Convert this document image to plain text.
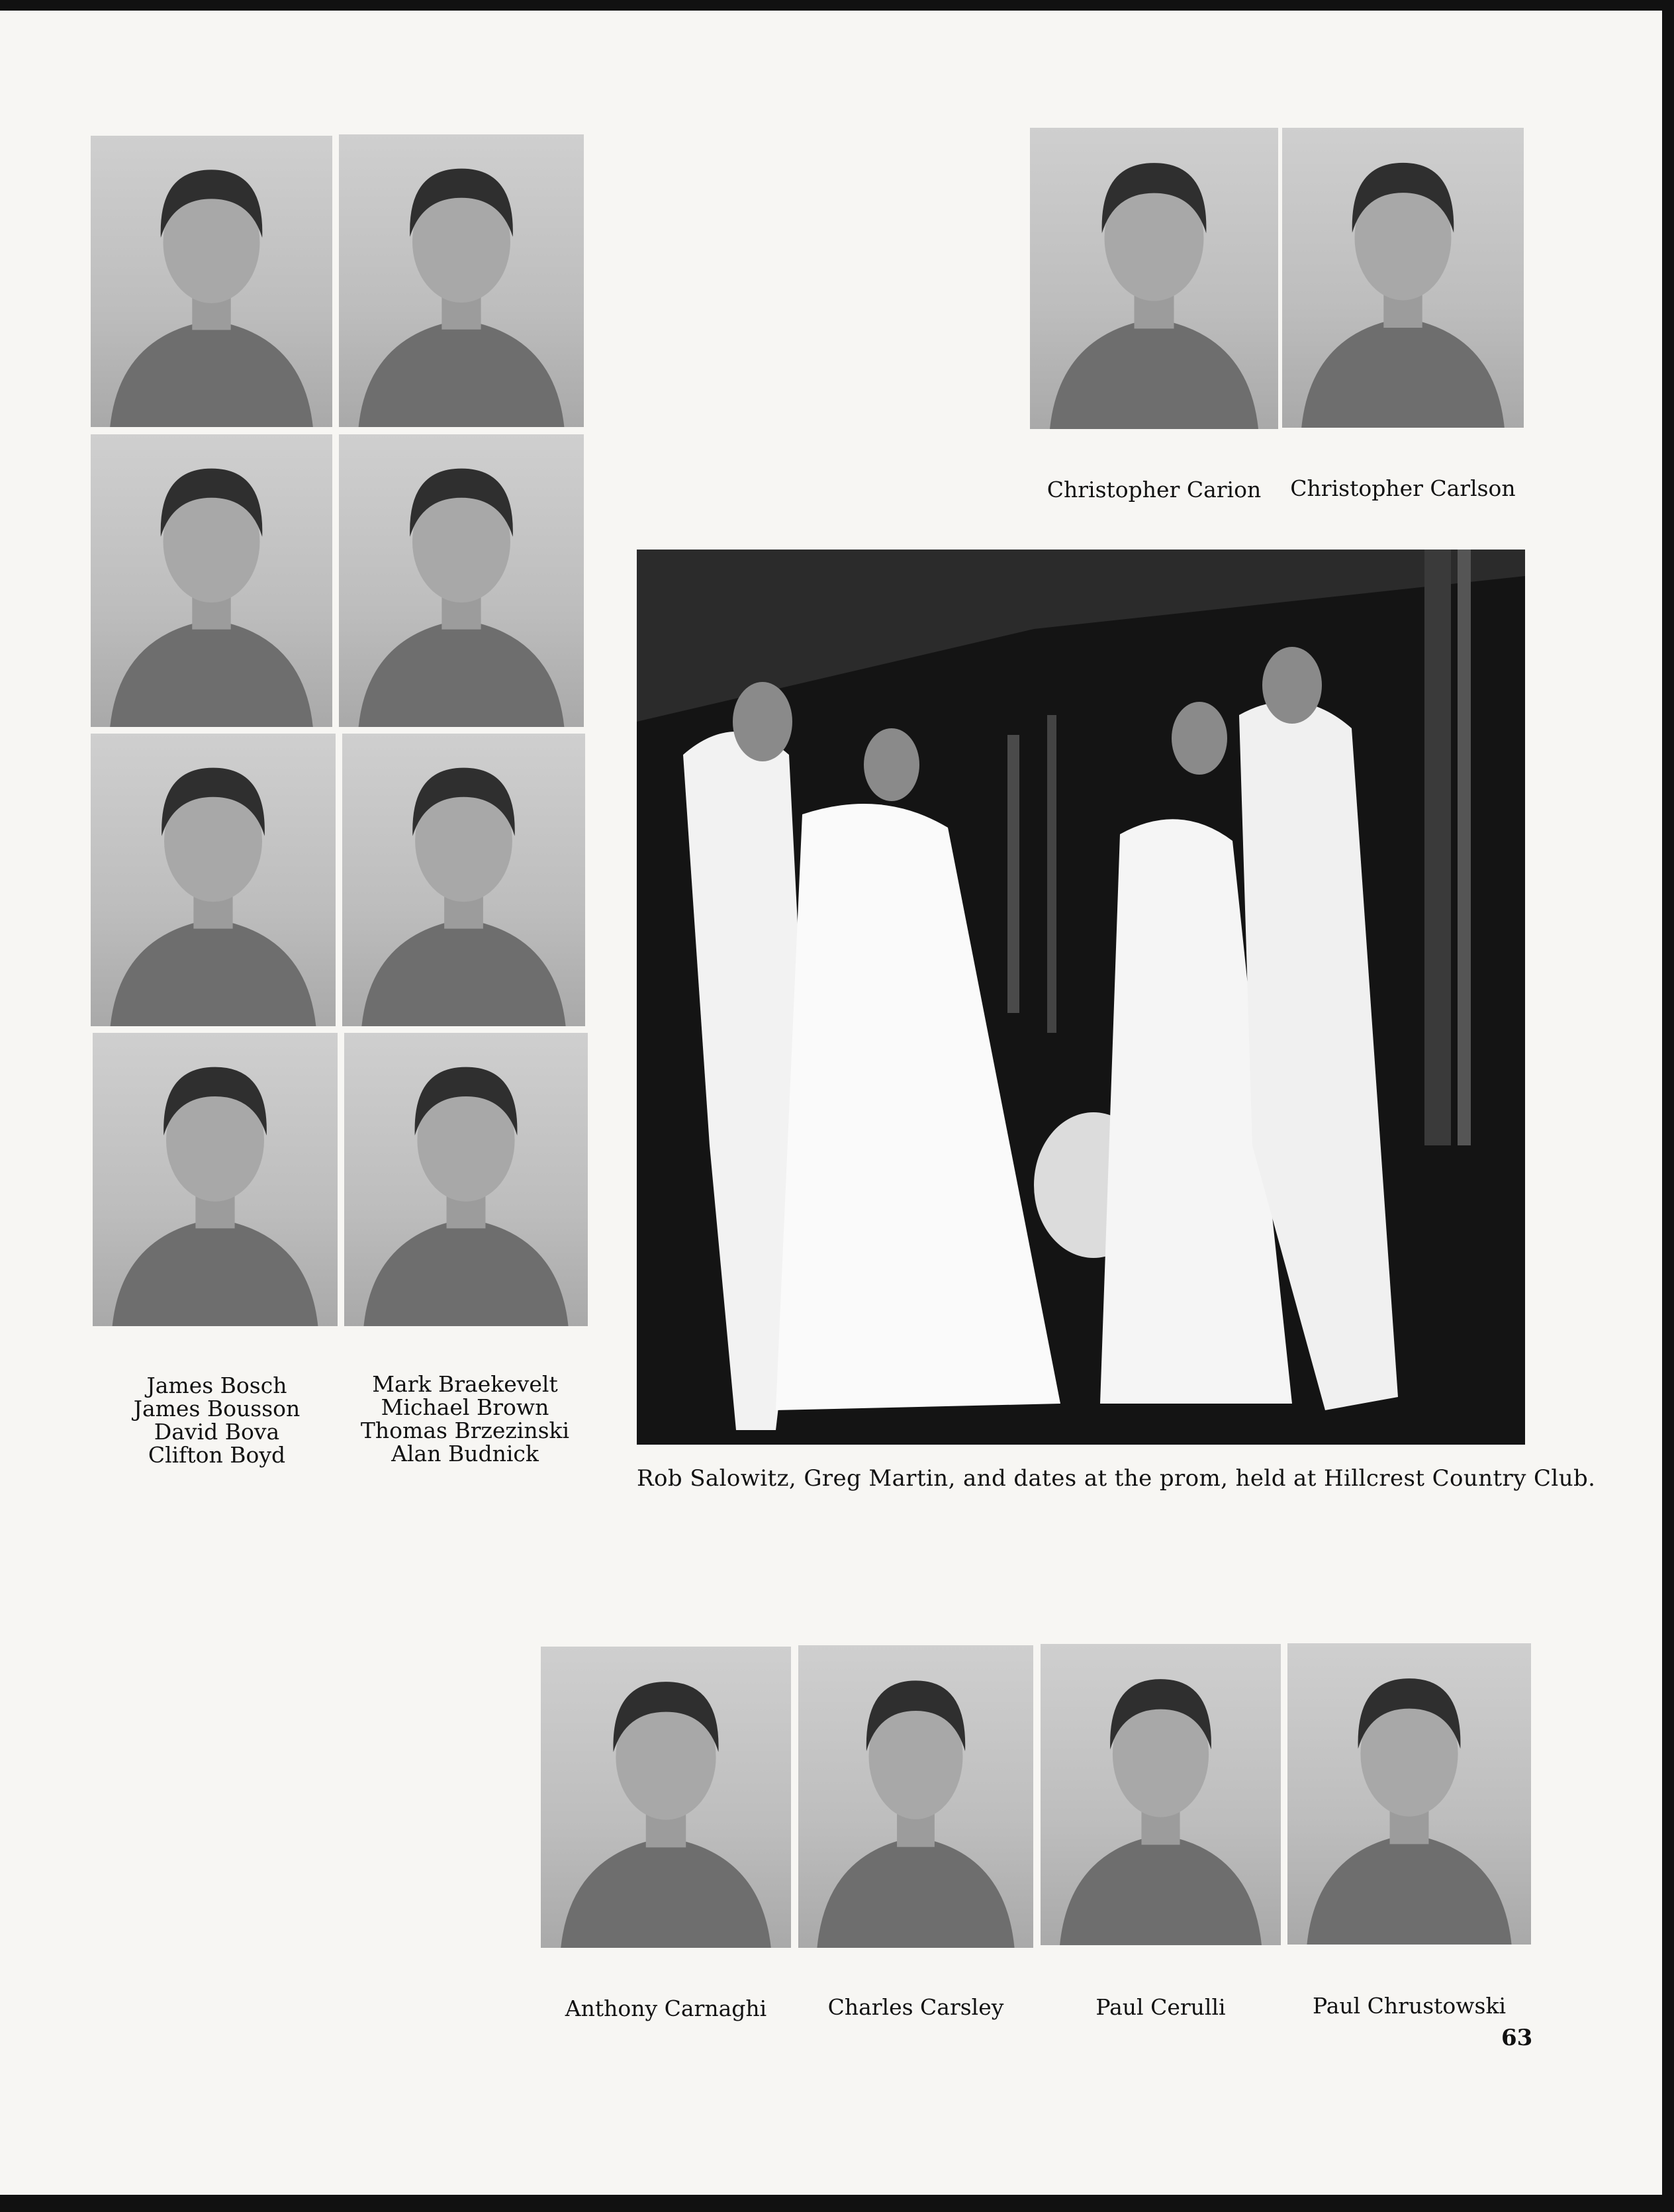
James Bosch
James Bousson
David Bova
Clifton Boyd
Mark Braekevelt
Michael Brown
Thomas Brzezinski
Alan Budnick
Christopher Carion	Christopher Carlson
Rob Salowitz, Greg Martin, and dates at the prom, held at Hillcrest Country Club.
Anthony Carnaghi	Charles Carsley	Paul Cerulli	Paul Chrustowski
63
